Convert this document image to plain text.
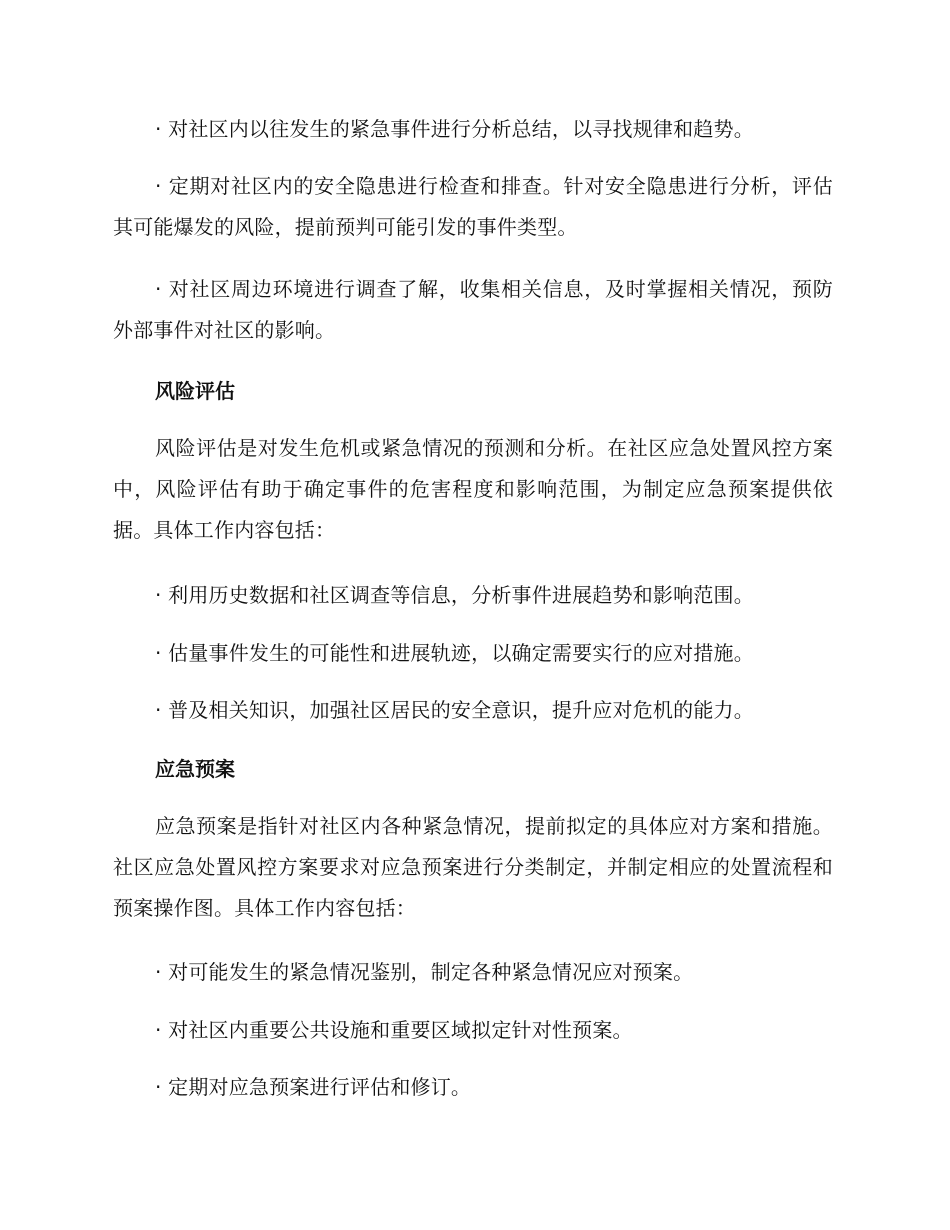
· 对社区内以往发生的紧急事件进行分析总结，以寻找规律和趋势。

· 定期对社区内的安全隐患进行检查和排查。针对安全隐患进行分析，评估其可能爆发的风险，提前预判可能引发的事件类型。

· 对社区周边环境进行调查了解，收集相关信息，及时掌握相关情况，预防外部事件对社区的影响。

风险评估

风险评估是对发生危机或紧急情况的预测和分析。在社区应急处置风控方案中，风险评估有助于确定事件的危害程度和影响范围，为制定应急预案提供依据。具体工作内容包括：

· 利用历史数据和社区调查等信息，分析事件进展趋势和影响范围。

· 估量事件发生的可能性和进展轨迹，以确定需要实行的应对措施。

· 普及相关知识，加强社区居民的安全意识，提升应对危机的能力。

应急预案

应急预案是指针对社区内各种紧急情况，提前拟定的具体应对方案和措施。社区应急处置风控方案要求对应急预案进行分类制定，并制定相应的处置流程和预案操作图。具体工作内容包括：

· 对可能发生的紧急情况鉴别，制定各种紧急情况应对预案。

· 对社区内重要公共设施和重要区域拟定针对性预案。

· 定期对应急预案进行评估和修订。
